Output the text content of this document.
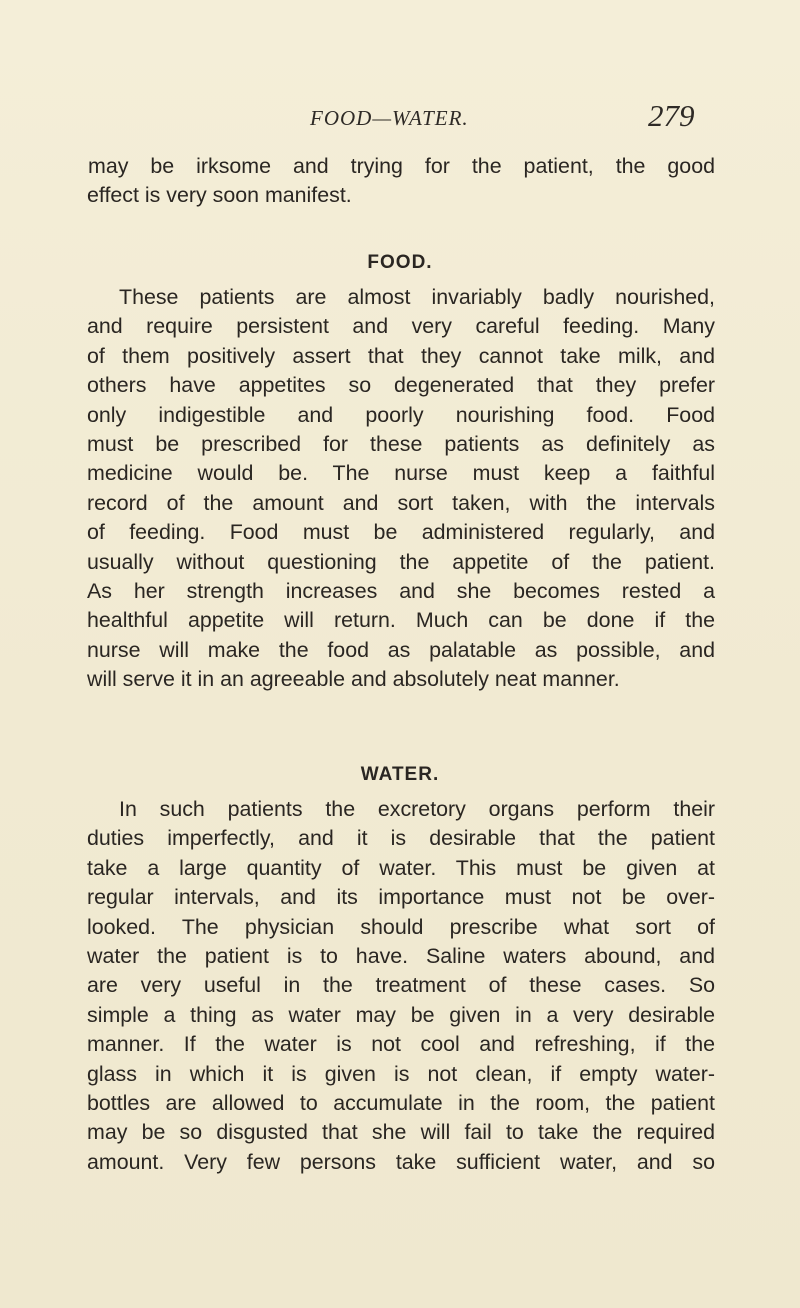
FOOD—WATER.	279
may be irksome and trying for the patient, the good
effect is very soon manifest.
FOOD.
These patients are almost invariably badly nourished,
and require persistent and very careful feeding. Many
of them positively assert that they cannot take milk, and
others have appetites so degenerated that they prefer
only indigestible and poorly nourishing food. Food
must be prescribed for these patients as definitely as
medicine would be. The nurse must keep a faithful
record of the amount and sort taken, with the intervals
of feeding. Food must be administered regularly, and
usually without questioning the appetite of the patient.
As her strength increases and she becomes rested a
healthful appetite will return. Much can be done if the
nurse will make the food as palatable as possible, and
will serve it in an agreeable and absolutely neat manner.
WATER.
In such patients the excretory organs perform their
duties imperfectly, and it is desirable that the patient
take a large quantity of water. This must be given at
regular intervals, and its importance must not be over-
looked. The physician should prescribe what sort of
water the patient is to have. Saline waters abound, and
are very useful in the treatment of these cases. So
simple a thing as water may be given in a very desirable
manner. If the water is not cool and refreshing, if the
glass in which it is given is not clean, if empty water-
bottles are allowed to accumulate in the room, the patient
may be so disgusted that she will fail to take the required
amount. Very few persons take sufficient water, and so
